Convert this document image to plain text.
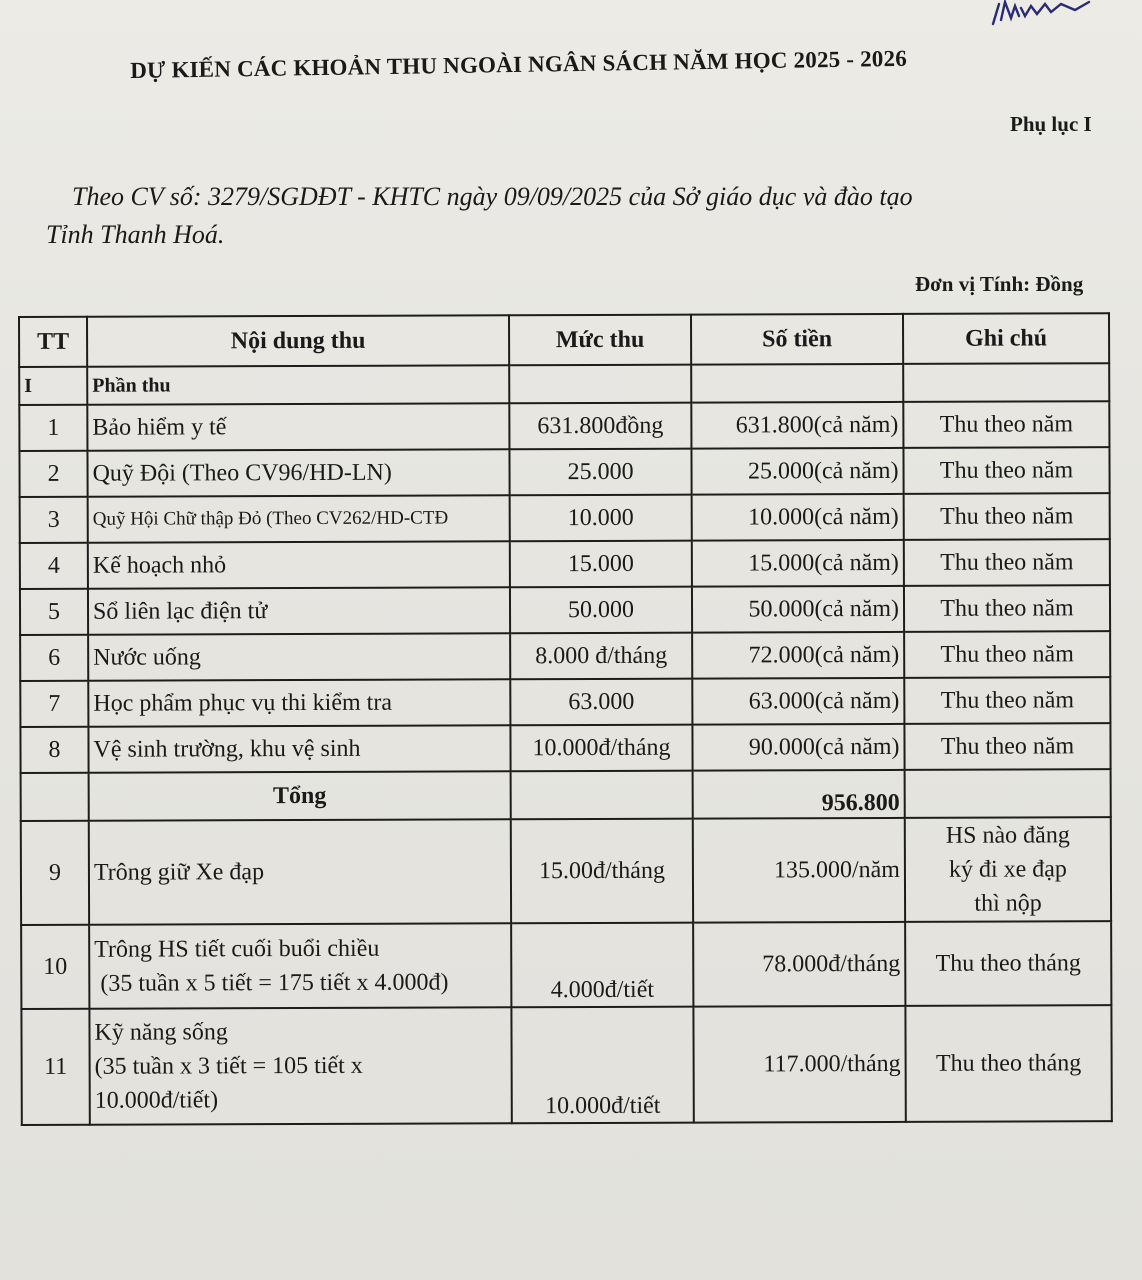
DỰ KIẾN CÁC KHOẢN THU NGOÀI NGÂN SÁCH NĂM HỌC 2025 - 2026
Phụ lục I
Theo CV số: 3279/SGDĐT - KHTC ngày 09/09/2025 của Sở giáo dục và đào tạo
Tỉnh Thanh Hoá.
Đơn vị Tính: Đồng
TT	Nội dung thu	Mức thu	Số tiền	Ghi chú
I	Phần thu			
1	Bảo hiểm y tế	631.800đồng	631.800(cả năm)	Thu theo năm
2	Quỹ Đội (Theo CV96/HD-LN)	25.000	25.000(cả năm)	Thu theo năm
3	Quỹ Hội Chữ thập Đỏ (Theo CV262/HD-CTĐ	10.000	10.000(cả năm)	Thu theo năm
4	Kế hoạch nhỏ	15.000	15.000(cả năm)	Thu theo năm
5	Sổ liên lạc điện tử	50.000	50.000(cả năm)	Thu theo năm
6	Nước uống	8.000 đ/tháng	72.000(cả năm)	Thu theo năm
7	Học phẩm phục vụ thi kiểm tra	63.000	63.000(cả năm)	Thu theo năm
8	Vệ sinh trường, khu vệ sinh	10.000đ/tháng	90.000(cả năm)	Thu theo năm
	Tổng		956.800	
9	Trông giữ Xe đạp	15.00đ/tháng	135.000/năm	HS nào đăng
ký đi xe đạp
thì nộp

10	Trông HS tiết cuối buổi chiều
(35 tuần x 5 tiết = 175 tiết x 4.000đ)	4.000đ/tiết	78.000đ/tháng	Thu theo tháng
11	Kỹ năng sống
(35 tuần x 3 tiết = 105 tiết x
10.000đ/tiết)	10.000đ/tiết	117.000/tháng	Thu theo tháng
